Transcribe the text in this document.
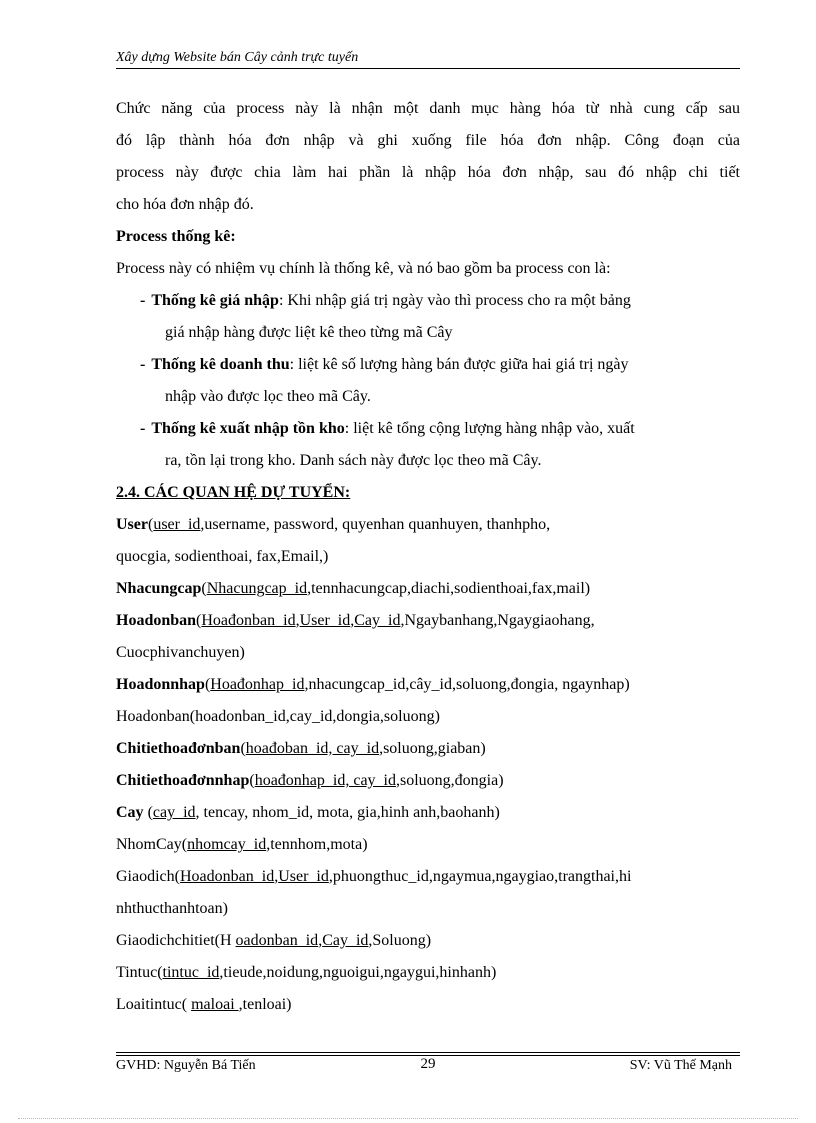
Xây dựng Website bán Cây cảnh trực tuyến
Chức năng của process này là nhận một danh mục hàng hóa từ nhà cung cấp sau
đó lập thành hóa đơn nhập và ghi xuống file hóa đơn nhập. Công đoạn của
process này được chia làm hai phần là nhập hóa đơn nhập, sau đó nhập chi tiết
cho hóa đơn nhập đó.
Process thống kê:
Process này có nhiệm vụ chính là thống kê, và nó bao gồm ba process con là:
- Thống kê giá nhập: Khi nhập giá trị ngày vào thì process cho ra một bảng
giá nhập hàng được liệt kê theo từng mã Cây
- Thống kê doanh thu: liệt kê số lượng hàng bán được giữa hai giá trị ngày
nhập vào được lọc theo mã Cây.
- Thống kê xuất nhập tồn kho: liệt kê tổng cộng lượng hàng nhập vào, xuất
ra, tồn lại trong kho. Danh sách này được lọc theo mã Cây.
2.4. CÁC QUAN HỆ DỰ TUYỂN:
User(user_id,username, password, quyenhan quanhuyen, thanhpho,
quocgia, sodienthoai, fax,Email,)
Nhacungcap(Nhacungcap_id,tennhacungcap,diachi,sodienthoai,fax,mail)
Hoadonban(Hoađonban_id,User_id,Cay_id,Ngaybanhang,Ngaygiaohang,
Cuocphivanchuyen)
Hoadonnhap(Hoađonhap_id,nhacungcap_id,cây_id,soluong,đongia, ngaynhap)
Hoadonban(hoadonban_id,cay_id,dongia,soluong)
Chitiethoađơnban(hoađoban_id, cay_id,soluong,giaban)
Chitiethoađơnnhap(hoađonhap_id, cay_id,soluong,đongia)
Cay (cay_id, tencay, nhom_id, mota, gia,hinh anh,baohanh)
NhomCay(nhomcay_id,tennhom,mota)
Giaodich(Hoadonban_id,User_id,phuongthuc_id,ngaymua,ngaygiao,trangthai,hi
nhthucthanhtoan)
Giaodichchitiet(H oadonban_id,Cay_id,Soluong)
Tintuc(tintuc_id,tieude,noidung,nguoigui,ngaygui,hinhanh)
Loaitintuc( maloai ,tenloai)
GVHD: Nguyễn Bá Tiến	29	SV: Vũ Thế Mạnh
